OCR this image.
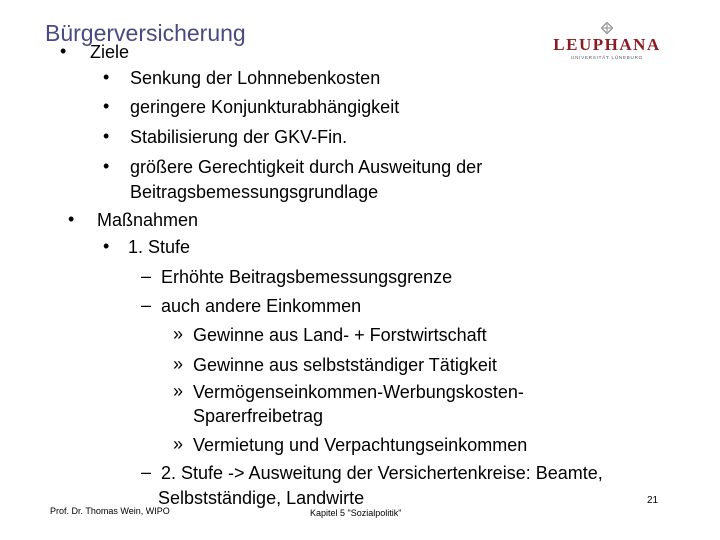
Bürgerversicherung	LEUPHANA
UNIVERSITÄT LÜNEBURG
• Ziele
• Senkung der Lohnnebenkosten
• geringere Konjunkturabhängigkeit
• Stabilisierung der GKV-Fin.
• größere Gerechtigkeit durch Ausweitung der
Beitragsbemessungsgrundlage
• Maßnahmen
• 1. Stufe
– Erhöhte Beitragsbemessungsgrenze
– auch andere Einkommen
» Gewinne aus Land- + Forstwirtschaft
» Gewinne aus selbstständiger Tätigkeit
» Vermögenseinkommen-Werbungskosten-
Sparerfreibetrag
» Vermietung und Verpachtungseinkommen
– 2. Stufe -> Ausweitung der Versichertenkreise: Beamte,
Selbstständige, Landwirte	21
Prof. Dr. Thomas Wein, WIPO	Kapitel 5 "Sozialpolitik"
